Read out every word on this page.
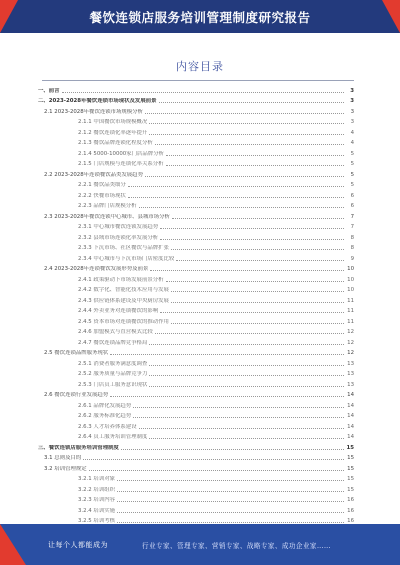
餐饮连锁店服务培训管理制度研究报告
内容目录
一、前言	3
二、2023-2028年餐饮连锁市场现状及发展前景	3
2.1 2023-2028年餐饮连锁市场规模分析	3
2.1.1 中国餐饮市场规模概况	3
2.1.2 餐饮连锁化率逐年提升	4
2.1.3 餐饮品牌连锁化程度分析	4
2.1.4 5000-10000家门店品牌分析	5
2.1.5 门店规模与连锁化率关系分析	5
2.2 2023-2028年连锁餐饮品类发展趋势	5
2.2.1 餐饮品类细分	5
2.2.2 快餐市场现状	6
2.2.3 品牌门店规模分析	6
2.3 2023-2028年餐饮连锁中心城市、县城市场分析	7
2.3.1 中心城市餐饮连锁发展趋势	7
2.3.2 县域市场连锁化率发展分析	8
2.3.3 下沉市场、社区餐饮与品牌扩张	8
2.3.4 中心城市与下沉市场门店密度比较	9
2.4 2023-2028年连锁餐饮发展形势及前景	10
2.4.1 政策驱动下市场发展前景分析	10
2.4.2 数字化、智能化技术应用与发展	10
2.4.3 供应链体系建设及中央厨房发展	11
2.4.4 外卖业务对连锁餐饮的影响	11
2.4.5 资本市场对连锁餐饮的推动作用	11
2.4.6 加盟模式与直营模式比较	12
2.4.7 餐饮连锁品牌竞争格局	12
2.5 餐饮连锁品牌服务现状	12
2.5.1 消费者服务满意度调查	13
2.5.2 服务质量与品牌竞争力	13
2.5.3 门店员工服务意识现状	13
2.6 餐饮连锁行业发展趋势	14
2.6.1 品牌化发展趋势	14
2.6.2 服务标准化趋势	14
2.6.3 人才培养体系建设	14
2.6.4 员工服务培训管理制度	14
三、餐饮连锁店服务培训管理制度	15
3.1 总则及目的	15
3.2 培训管理规定	15
3.2.1 培训对象	15
3.2.2 培训组织	15
3.2.3 培训内容	16
3.2.4 培训实施	16
3.2.5 培训考核	16
让每个人都能成为	行业专家、管理专家、营销专家、战略专家、成功企业家……
